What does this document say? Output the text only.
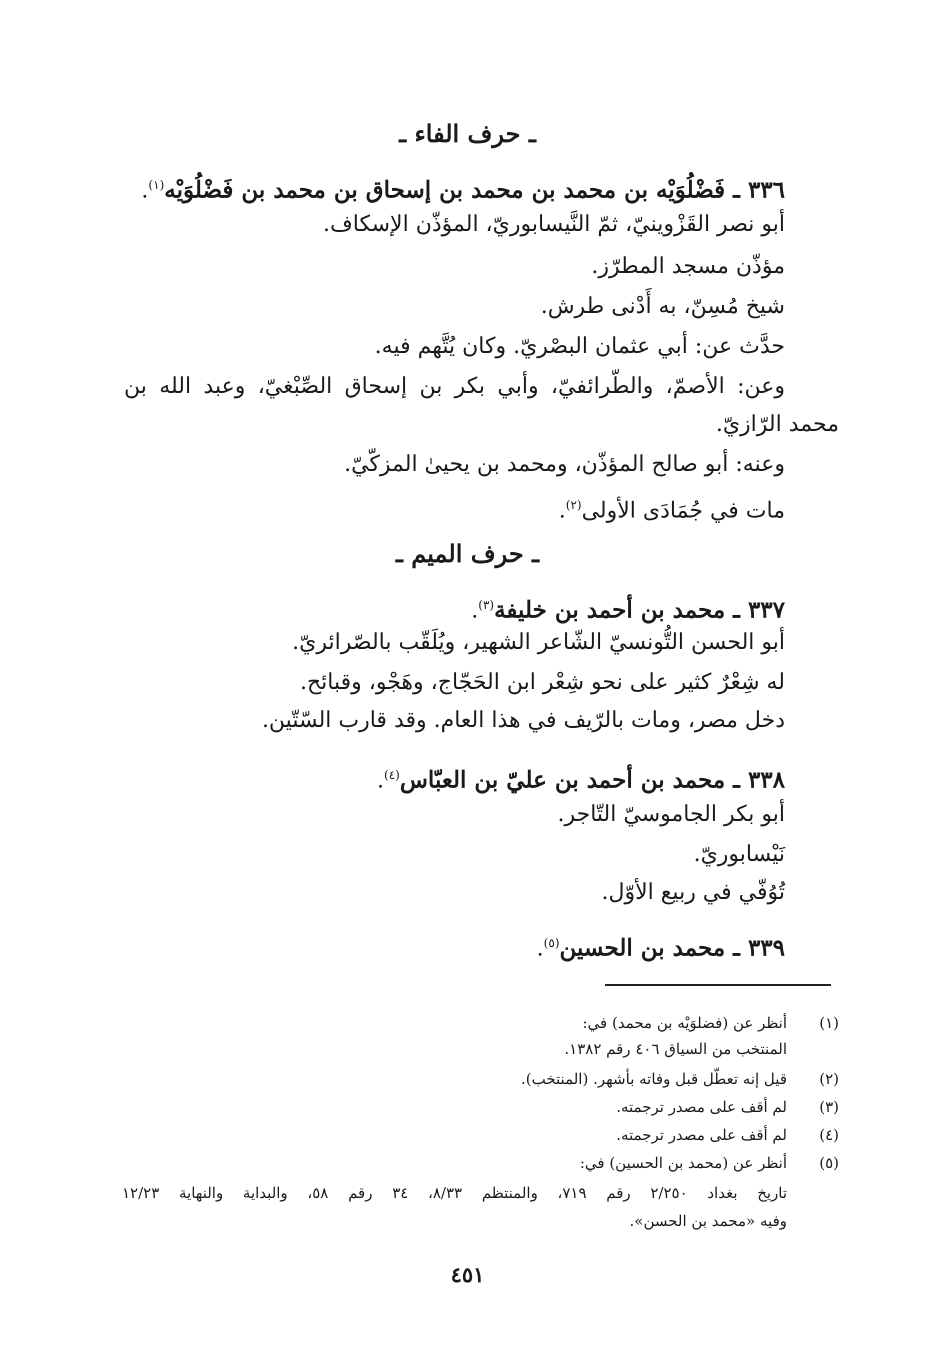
ـ حرف الفاء ـ

٣٣٦ ـ فَضْلُوَيْه بن محمد بن محمد بن إسحاق بن محمد بن فَضْلُوَيْه$^{(١)}$.

أبو نصر القَزْوينيّ، ثمّ النَّيسابوريّ، المؤذّن الإسكاف.

مؤذّن مسجد المطرّز.

شيخ مُسِنّ، به أَدْنى طرش.

حدَّث عن: أبي عثمان البصْريّ. وكان يُتَّهم فيه.

وعن: الأصمّ، والطّرائفيّ، وأبي بكر بن إسحاق الصِّبْغيّ، وعبد الله بن

محمد الرّازيّ.

وعنه: أبو صالح المؤذّن، ومحمد بن يحيىٰ المزكّيّ.

مات في جُمَادَى الأولى$^{(٢)}$.

ـ حرف الميم ـ

٣٣٧ ـ محمد بن أحمد بن خليفة$^{(٣)}$.

أبو الحسن التُّونسيّ الشّاعر الشهير، ويُلَقّب بالصّرائريّ.

له شِعْرٌ كثير على نحو شِعْر ابن الحَجّاج، وهَجْو، وقبائح.

دخل مصر، ومات بالرّيف في هذا العام. وقد قارب السّتّين.

٣٣٨ ـ محمد بن أحمد بن عليّ بن العبّاس$^{(٤)}$.

أبو بكر الجاموسيّ التّاجر.

نَيْسابوريّ.

تُوُفّي في ربيع الأوّل.

٣٣٩ ـ محمد بن الحسين$^{(٥)}$.

(١)أنظر عن (فضلوَيْه بن محمد) في:

المنتخب من السياق ٤٠٦ رقم ١٣٨٢.

(٢)قيل إنه تعطّل قبل وفاته بأشهر. (المنتخب).

(٣)لم أقف على مصدر ترجمته.

(٤)لم أقف على مصدر ترجمته.

(٥)أنظر عن (محمد بن الحسين) في:

تاريخ بغداد ٢/٢٥٠ رقم ٧١٩، والمنتظم ٨/٣٣، ٣٤ رقم ٥٨، والبداية والنهاية ١٢/٢٣

وفيه «محمد بن الحسن».

٤٥١
